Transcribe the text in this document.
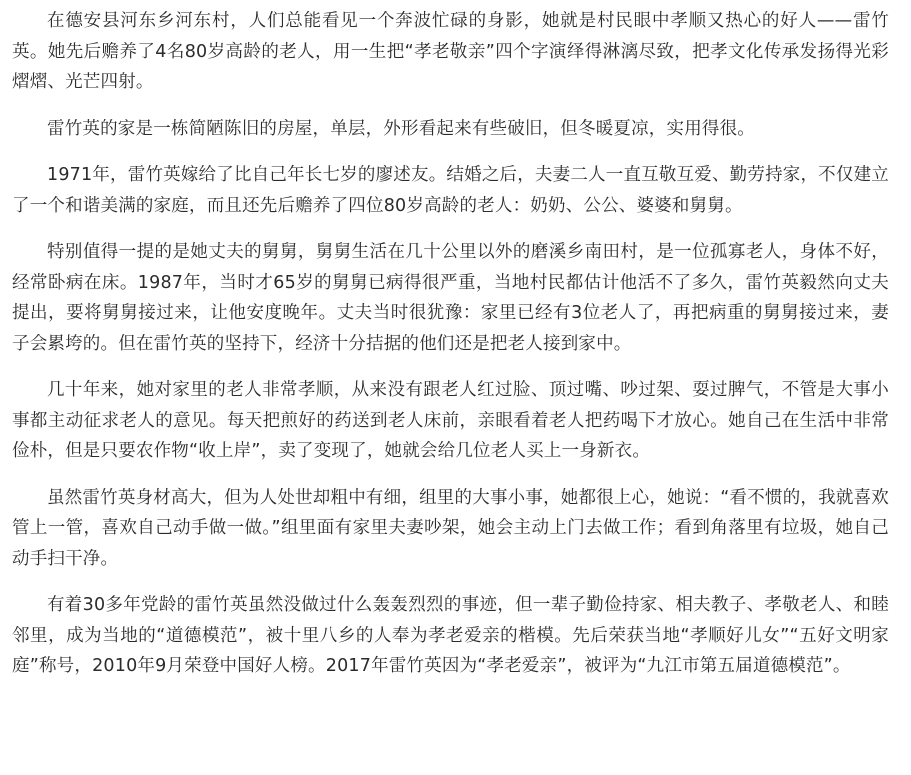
在德安县河东乡河东村，人们总能看见一个奔波忙碌的身影，她就是村民眼中孝顺又热心的好人——雷竹英。她先后赡养了4名80岁高龄的老人，用一生把“孝老敬亲”四个字演绎得淋漓尽致，把孝文化传承发扬得光彩熠熠、光芒四射。

雷竹英的家是一栋简陋陈旧的房屋，单层，外形看起来有些破旧，但冬暖夏凉，实用得很。

1971年，雷竹英嫁给了比自己年长七岁的廖述友。结婚之后，夫妻二人一直互敬互爱、勤劳持家，不仅建立了一个和谐美满的家庭，而且还先后赡养了四位80岁高龄的老人：奶奶、公公、婆婆和舅舅。

特别值得一提的是她丈夫的舅舅，舅舅生活在几十公里以外的磨溪乡南田村，是一位孤寡老人，身体不好，经常卧病在床。1987年，当时才65岁的舅舅已病得很严重，当地村民都估计他活不了多久，雷竹英毅然向丈夫提出，要将舅舅接过来，让他安度晚年。丈夫当时很犹豫：家里已经有3位老人了，再把病重的舅舅接过来，妻子会累垮的。但在雷竹英的坚持下，经济十分拮据的他们还是把老人接到家中。

几十年来，她对家里的老人非常孝顺，从来没有跟老人红过脸、顶过嘴、吵过架、耍过脾气，不管是大事小事都主动征求老人的意见。每天把煎好的药送到老人床前，亲眼看着老人把药喝下才放心。她自己在生活中非常俭朴，但是只要农作物“收上岸”，卖了变现了，她就会给几位老人买上一身新衣。

虽然雷竹英身材高大，但为人处世却粗中有细，组里的大事小事，她都很上心，她说：“看不惯的，我就喜欢管上一管，喜欢自己动手做一做。”组里面有家里夫妻吵架，她会主动上门去做工作；看到角落里有垃圾，她自己动手扫干净。

有着30多年党龄的雷竹英虽然没做过什么轰轰烈烈的事迹，但一辈子勤俭持家、相夫教子、孝敬老人、和睦邻里，成为当地的“道德模范”，被十里八乡的人奉为孝老爱亲的楷模。先后荣获当地“孝顺好儿女”“五好文明家庭”称号，2010年9月荣登中国好人榜。2017年雷竹英因为“孝老爱亲”，被评为“九江市第五届道德模范”。
